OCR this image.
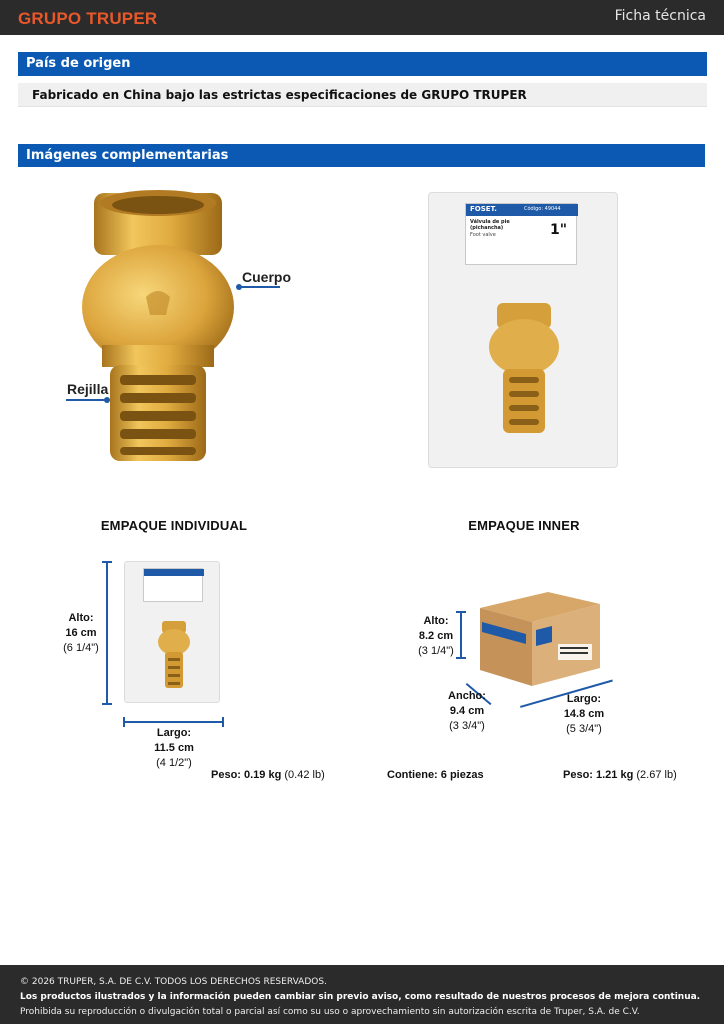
GRUPO TRUPER	Ficha técnica
País de origen
Fabricado en China bajo las estrictas especificaciones de GRUPO TRUPER
Imágenes complementarias
Cuerpo
Rejilla
FOSET.	Código: 49044
Válvula de pie (pichancha)
Foot valve	1"
EMPAQUE INDIVIDUAL	EMPAQUE INNER
Alto:
16 cm
(6 1/4")
Largo:
11.5 cm
(4 1/2")
Peso: 0.19 kg (0.42 lb)
Alto:
8.2 cm
(3 1/4")
Ancho:
9.4 cm
(3 3/4")
Largo:
14.8 cm
(5 3/4")
Contiene: 6 piezas	Peso: 1.21 kg (2.67 lb)
© 2026 TRUPER, S.A. DE C.V. TODOS LOS DERECHOS RESERVADOS.
Los productos ilustrados y la información pueden cambiar sin previo aviso, como resultado de nuestros procesos de mejora continua.
Prohibida su reproducción o divulgación total o parcial así como su uso o aprovechamiento sin autorización escrita de Truper, S.A. de C.V.
